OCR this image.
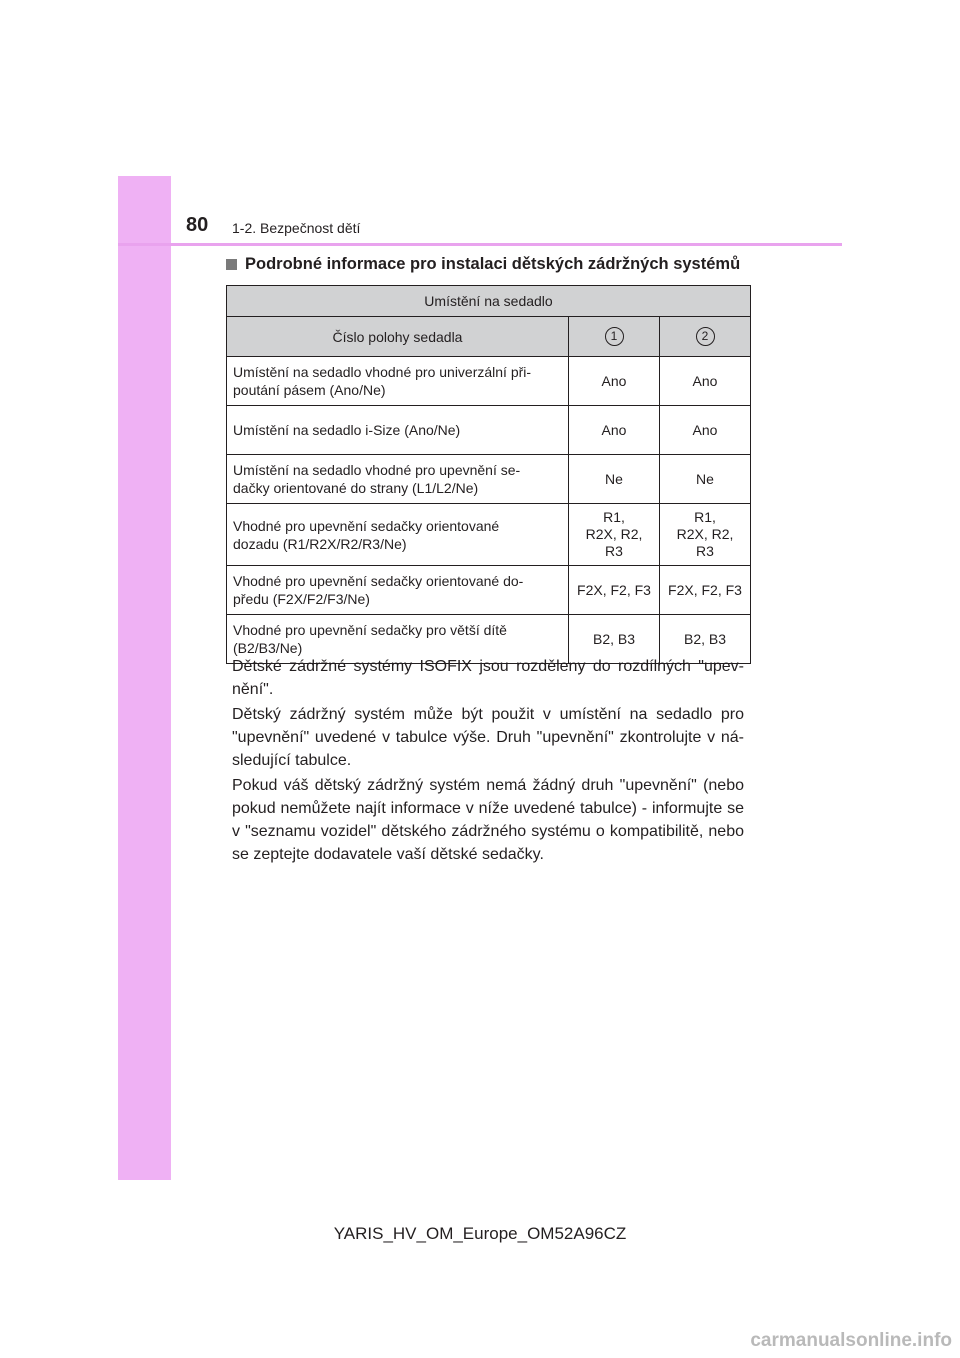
80 1-2. Bezpečnost dětí
Podrobné informace pro instalaci dětských zádržných systémů
Umístění na sedadlo		
Číslo polohy sedadla	1	2
Umístění na sedadlo vhodné pro univerzální při-
poutání pásem (Ano/Ne)	Ano	Ano
Umístění na sedadlo i-Size (Ano/Ne)	Ano	Ano
Umístění na sedadlo vhodné pro upevnění se-
dačky orientované do strany (L1/L2/Ne)	Ne	Ne
Vhodné pro upevnění sedačky orientované
dozadu (R1/R2X/R2/R3/Ne)	R1,
R2X, R2,
R3	R1,
R2X, R2,
R3
Vhodné pro upevnění sedačky orientované do-
předu (F2X/F2/F3/Ne)	F2X, F2, F3	F2X, F2, F3
Vhodné pro upevnění sedačky pro větší dítě
(B2/B3/Ne)	B2, B3	B2, B3

Dětské zádržné systémy ISOFIX jsou rozděleny do rozdílných "upev-nění".

Dětský zádržný systém může být použit v umístění na sedadlo pro "upevnění" uvedené v tabulce výše. Druh "upevnění" zkontrolujte v ná-sledující tabulce.

Pokud váš dětský zádržný systém nemá žádný druh "upevnění" (nebo pokud nemůžete najít informace v níže uvedené tabulce) - informujte se v "seznamu vozidel" dětského zádržného systému o kompatibilitě, nebo se zeptejte dodavatele vaší dětské sedačky.

YARIS_HV_OM_Europe_OM52A96CZ
carmanualsonline.info
